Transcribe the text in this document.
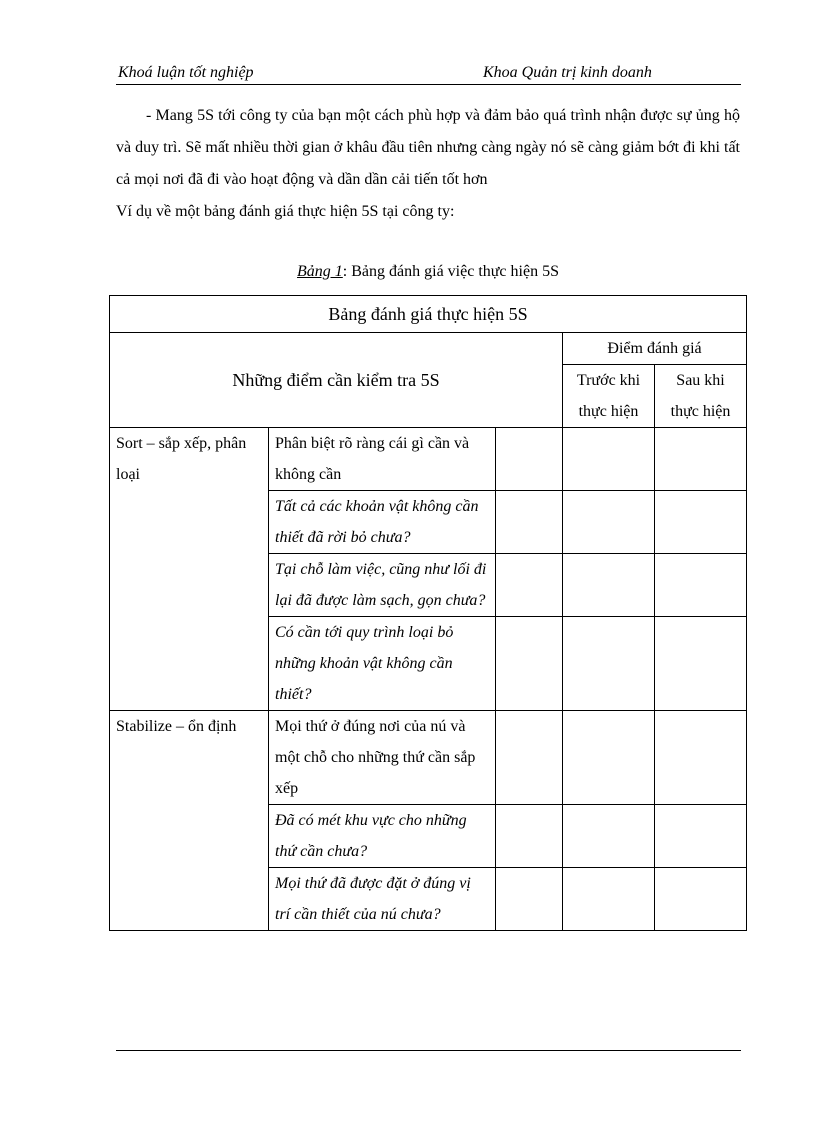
Khoá luận tốt nghiệp	Khoa Quản trị kinh doanh

- Mang 5S tới công ty của bạn một cách phù hợp và đảm bảo quá trình nhận được sự ủng hộ và duy trì. Sẽ mất nhiều thời gian ở khâu đầu tiên nhưng càng ngày nó sẽ càng giảm bớt đi khi tất cả mọi nơi đã đi vào hoạt động và dần dần cải tiến tốt hơn

Ví dụ về một bảng đánh giá thực hiện 5S tại công ty:

Bảng 1: Bảng đánh giá việc thực hiện 5S
Bảng đánh giá thực hiện 5S				
Những điểm cần kiểm tra 5S			Điểm đánh giá	
			Trước khi thực hiện	Sau khi thực hiện
Sort – sắp xếp, phân loại	Phân biệt rõ ràng cái gì cần và không cần			
	Tất cả các khoản vật không cần thiết đã rời bỏ chưa?			
	Tại chỗ làm việc, cũng như lối đi lại đã được làm sạch, gọn chưa?			
	Có cần tới quy trình loại bỏ những khoản vật không cần thiết?			
Stabilize – ổn định	Mọi thứ ở đúng nơi của nú và một chỗ cho những thứ cần sắp xếp			
	Đã có mét khu vực cho những thứ cần chưa?			
	Mọi thứ đã được đặt ở đúng vị trí cần thiết của nú chưa?			
